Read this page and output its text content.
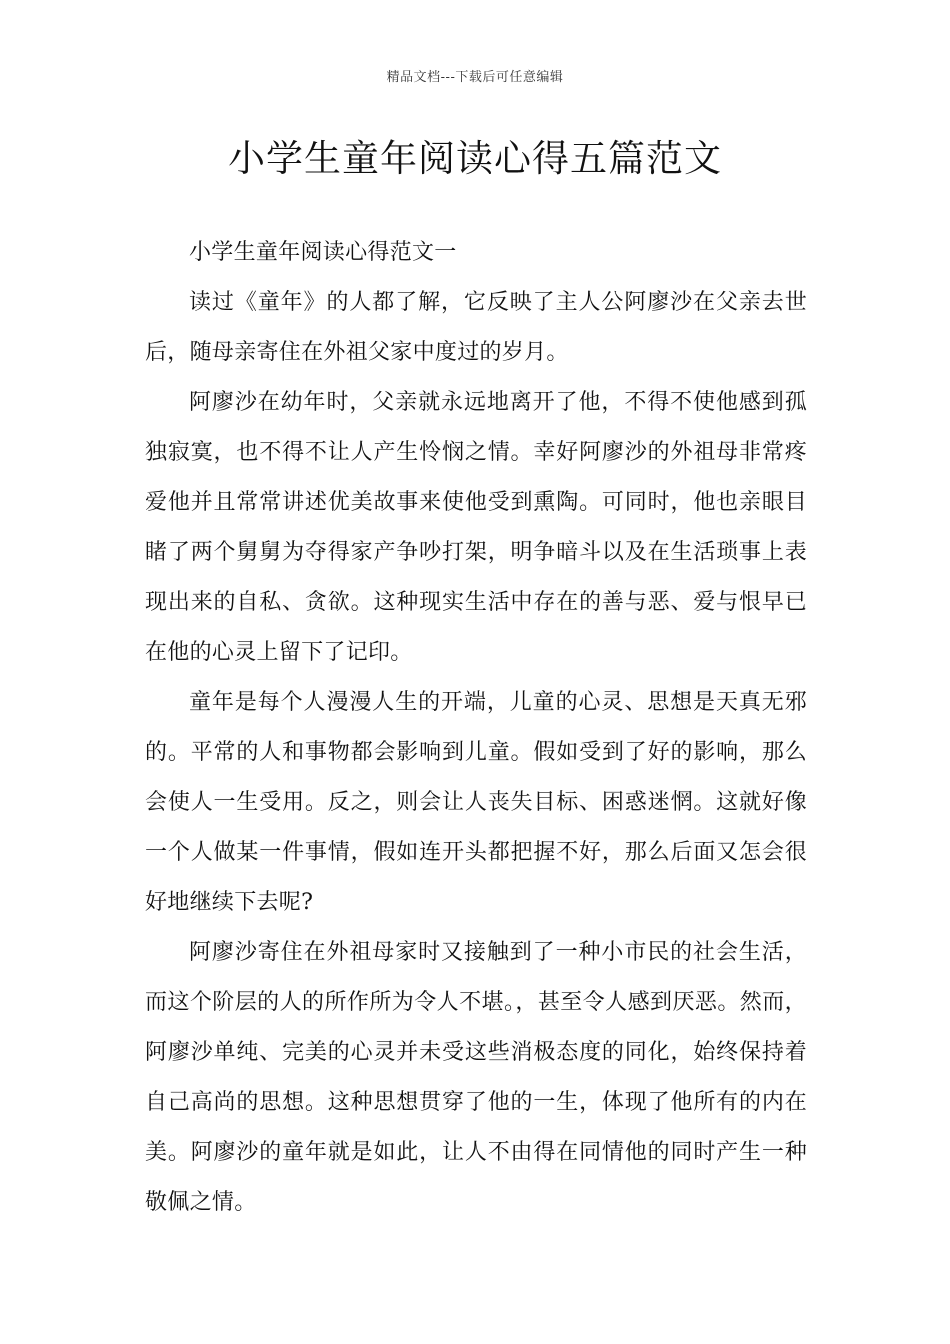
精品文档---下载后可任意编辑
小学生童年阅读心得五篇范文

小学生童年阅读心得范文一

读过《童年》的人都了解，它反映了主人公阿廖沙在父亲去世后，随母亲寄住在外祖父家中度过的岁月。

阿廖沙在幼年时，父亲就永远地离开了他，不得不使他感到孤独寂寞，也不得不让人产生怜悯之情。幸好阿廖沙的外祖母非常疼爱他并且常常讲述优美故事来使他受到熏陶。可同时，他也亲眼目睹了两个舅舅为夺得家产争吵打架，明争暗斗以及在生活琐事上表现出来的自私、贪欲。这种现实生活中存在的善与恶、爱与恨早已在他的心灵上留下了记印。

童年是每个人漫漫人生的开端，儿童的心灵、思想是天真无邪的。平常的人和事物都会影响到儿童。假如受到了好的影响，那么会使人一生受用。反之，则会让人丧失目标、困惑迷惘。这就好像一个人做某一件事情，假如连开头都把握不好，那么后面又怎会很好地继续下去呢?

阿廖沙寄住在外祖母家时又接触到了一种小市民的社会生活，而这个阶层的人的所作所为令人不堪。，甚至令人感到厌恶。然而，阿廖沙单纯、完美的心灵并未受这些消极态度的同化，始终保持着自己高尚的思想。这种思想贯穿了他的一生，体现了他所有的内在美。阿廖沙的童年就是如此，让人不由得在同情他的同时产生一种敬佩之情。
